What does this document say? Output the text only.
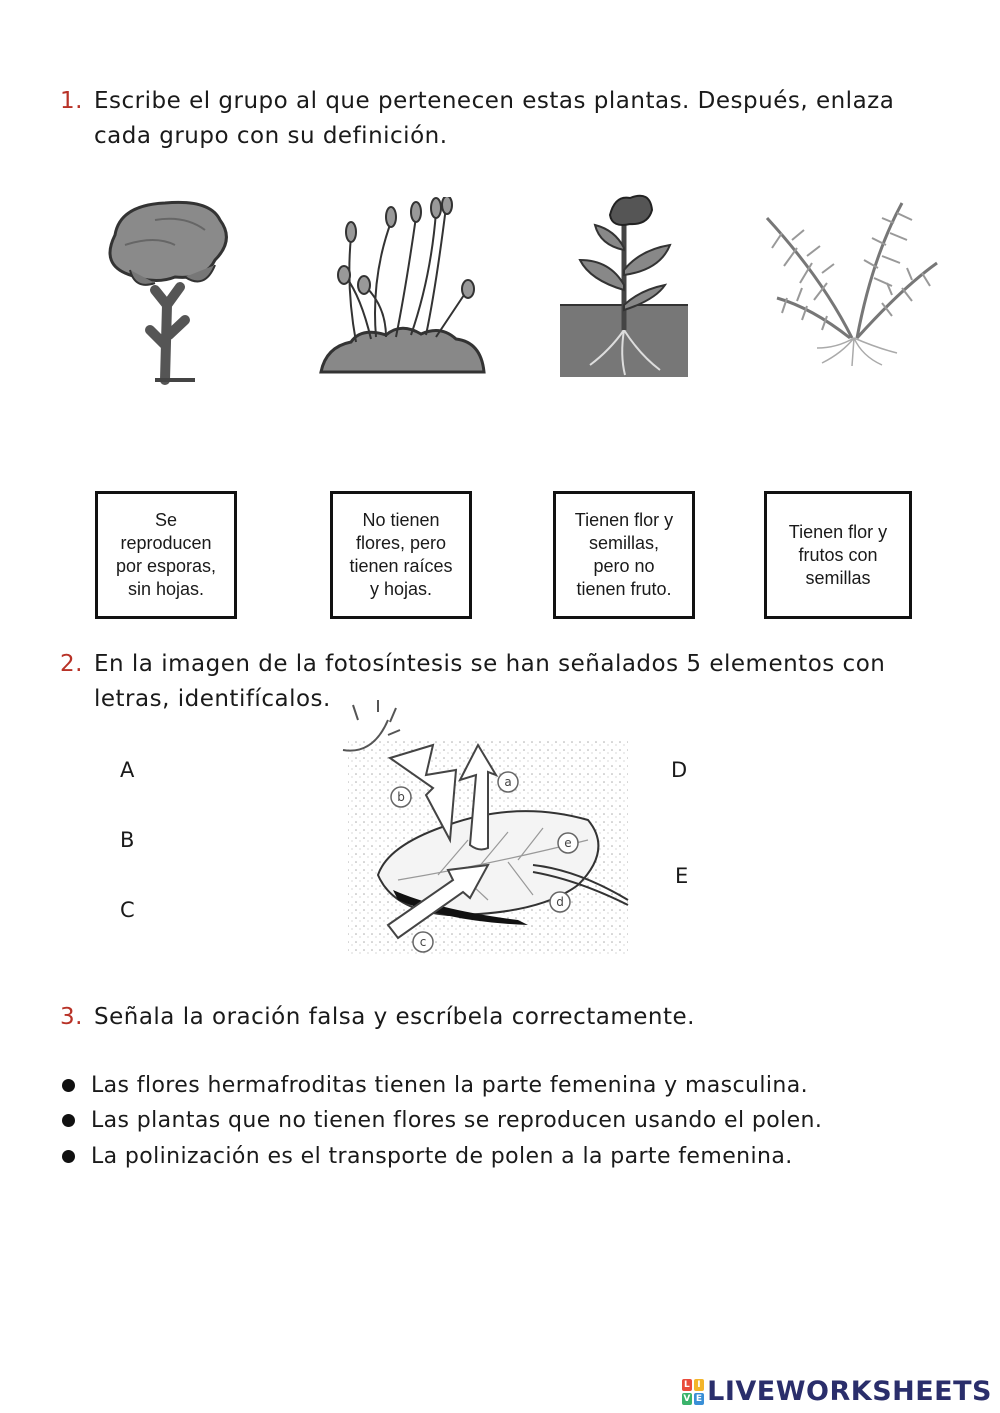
1. Escribe el grupo al que pertenecen estas plantas. Después, enlaza
cada grupo con su definición.
Se
reproducen
por esporas,
sin hojas.
No tienen
flores, pero
tienen raíces
y hojas.
Tienen flor y
semillas,
pero no
tienen fruto.
Tienen flor y
frutos con
semillas
2. En la imagen de la fotosíntesis se han señalados 5 elementos con
letras, identifícalos.
A
B
C
D
E
a
b
c
d
e
3. Señala la oración falsa y escríbela correctamente.
Las flores hermafroditas tienen la parte femenina y masculina.
Las plantas que no tienen flores se reproducen usando el polen.
La polinización es el transporte de polen a la parte femenina.
L I
V E LIVEWORKSHEETS
